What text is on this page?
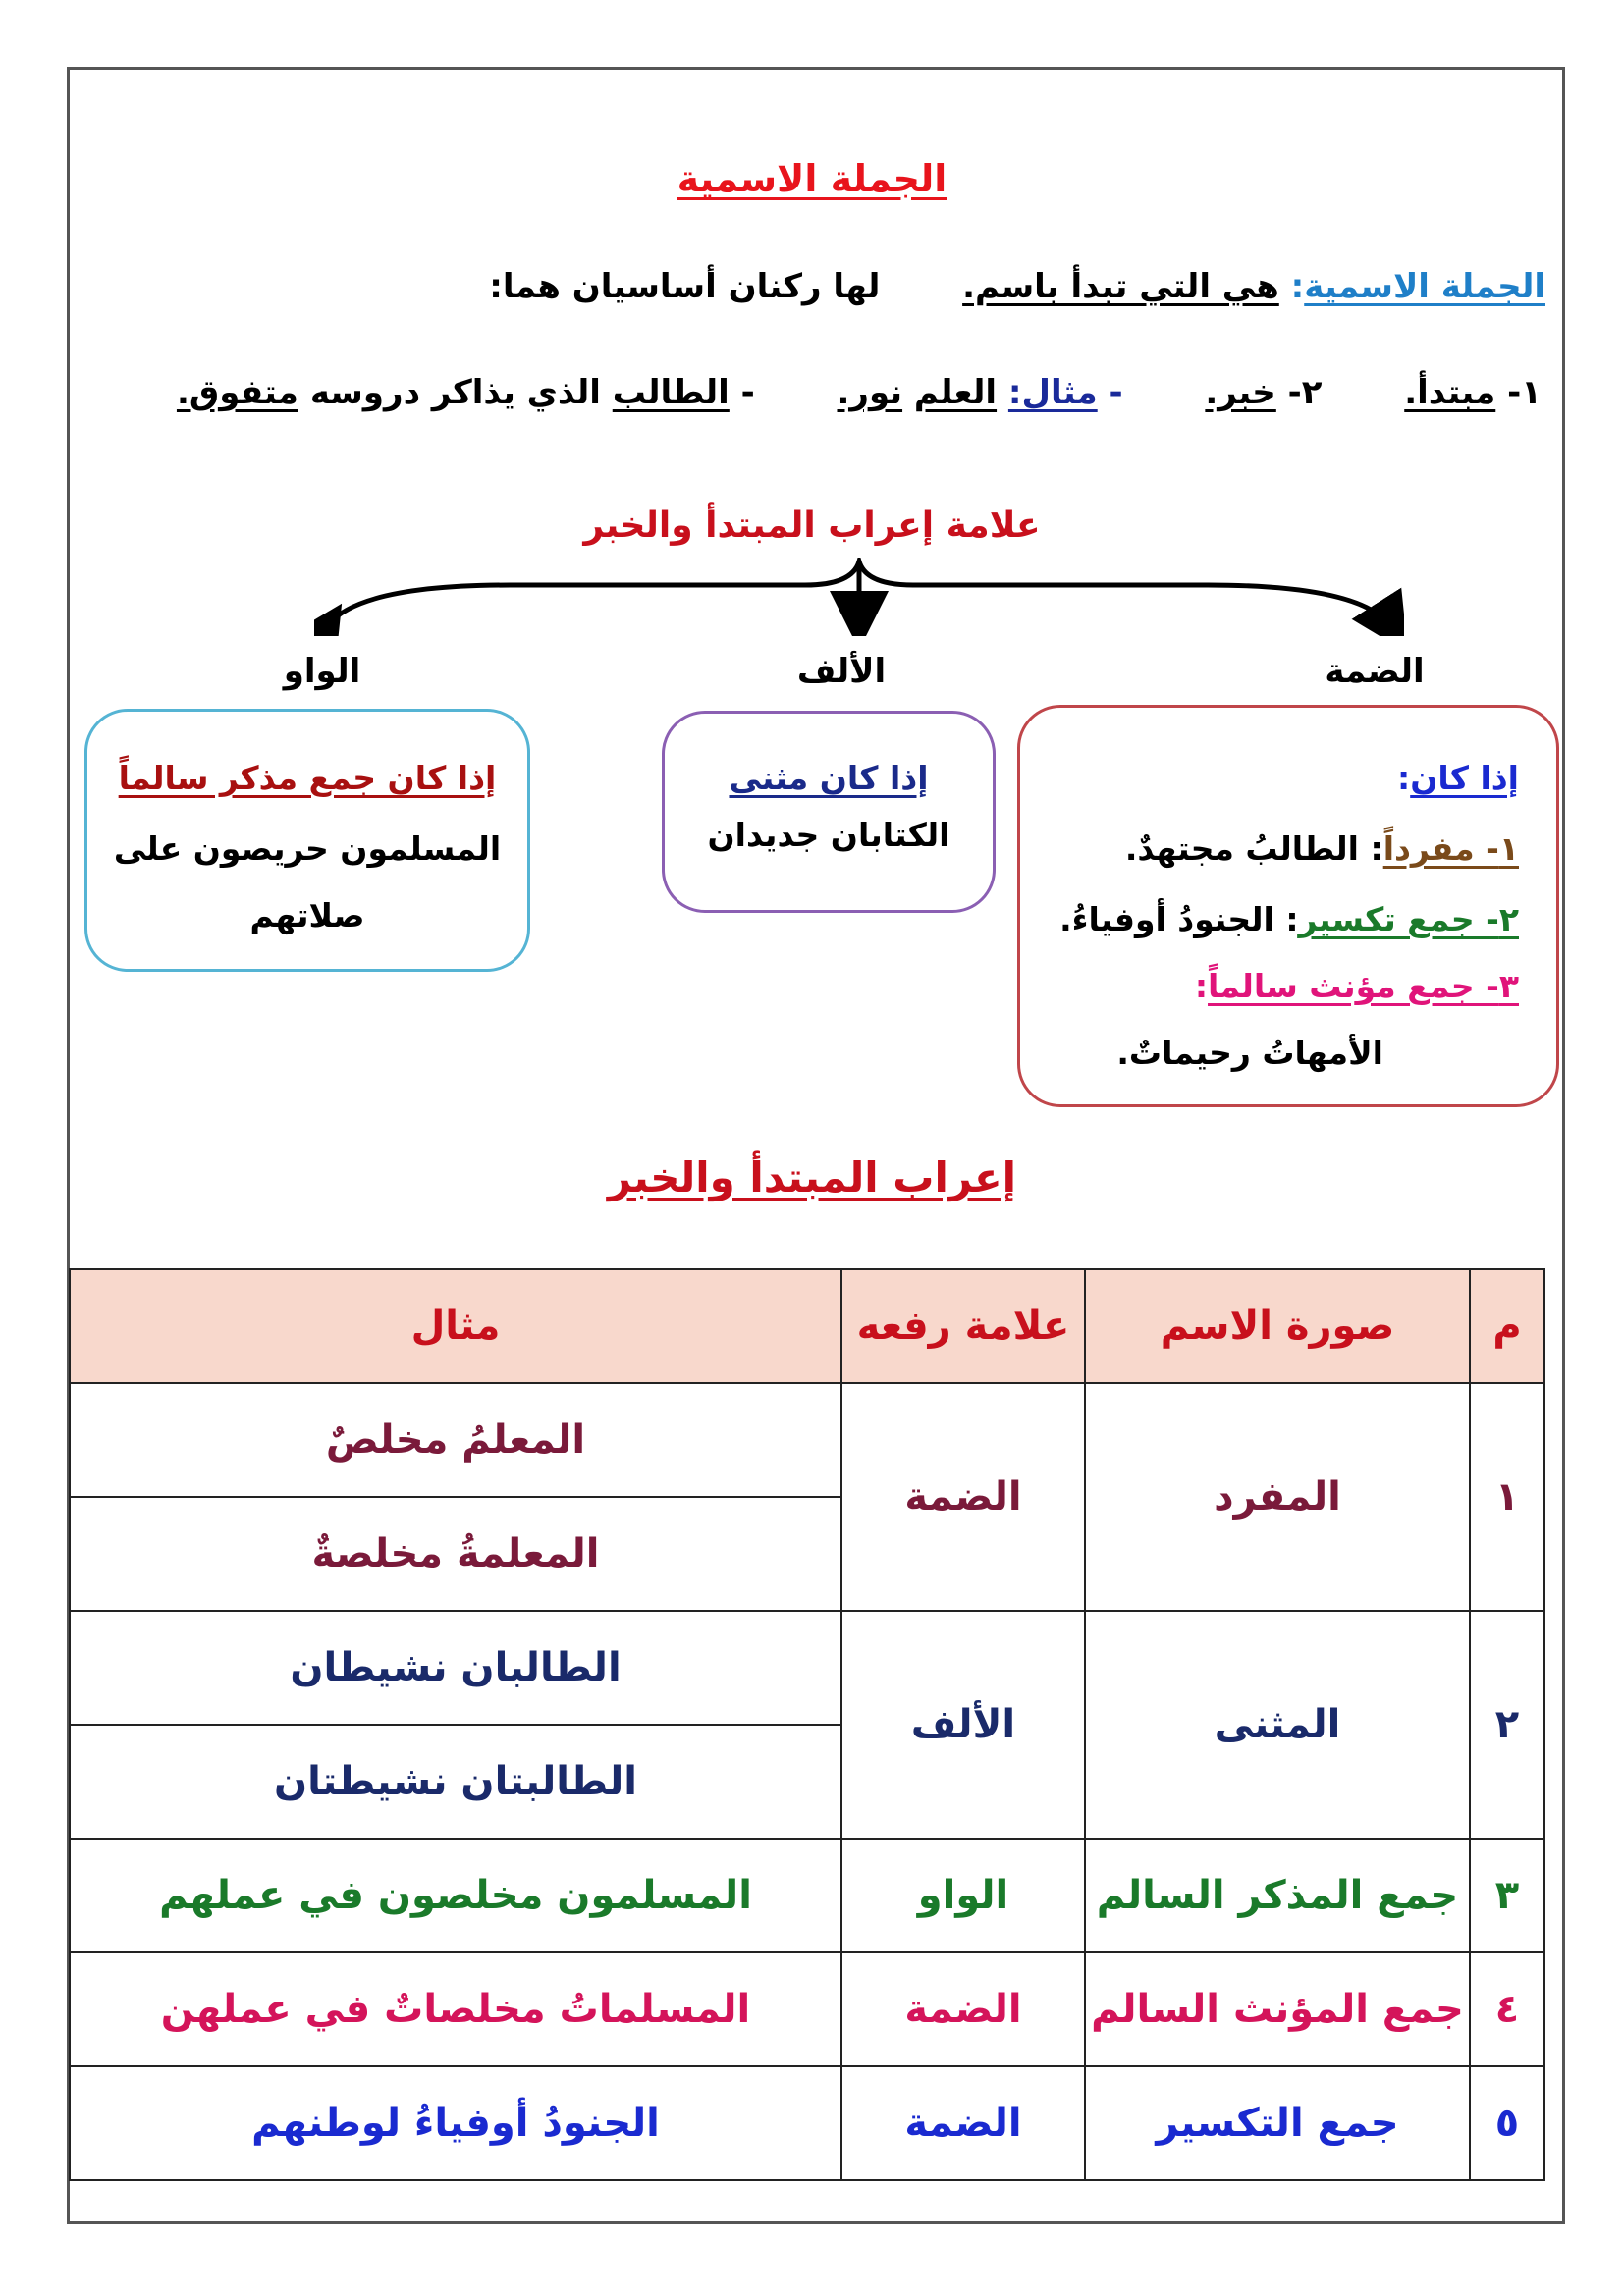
الجملة الاسمية
الجملة الاسمية: هي التي تبدأ باسم.  لها ركنان أساسيان هما:
١- مبتدأ.  ٢- خبر.  - مثال: العلم نور.  - الطالب الذي يذاكر دروسه متفوق.
علامة إعراب المبتدأ والخبر
الضمة
الألف
الواو
إذا كان:
١- مفرداً: الطالبُ مجتهدٌ.
٢- جمع تكسير: الجنودُ أوفياءُ.
٣- جمع مؤنث سالماً:
الأمهاتُ رحيماتٌ.
إذا كان مثنى
الكتابان جديدان
إذا كان جمع مذكر سالماً
المسلمون حريصون على
صلاتهم
إعراب المبتدأ والخبر
م	صورة الاسم	علامة رفعه	مثال
١	المفرد	الضمة	المعلمُ مخلصٌ
			المعلمةُ مخلصةٌ
٢	المثنى	الألف	الطالبان نشيطان
			الطالبتان نشيطتان
٣	جمع المذكر السالم	الواو	المسلمون مخلصون في عملهم
٤	جمع المؤنث السالم	الضمة	المسلماتُ مخلصاتٌ في عملهن
٥	جمع التكسير	الضمة	الجنودُ أوفياءُ لوطنهم
